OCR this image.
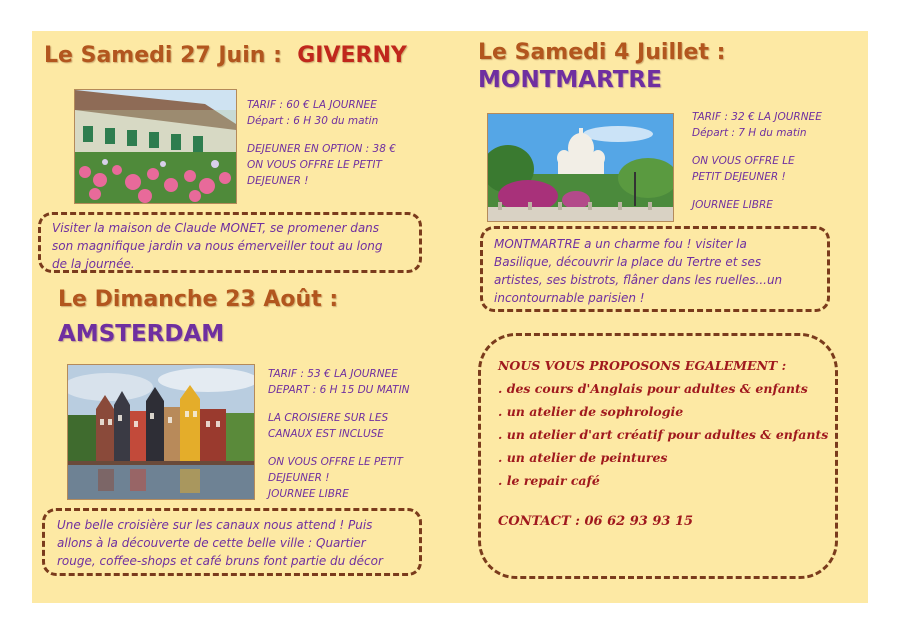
Le Samedi 27 Juin : GIVERNY
TARIF : 60 € LA JOURNEE
Départ : 6 H 30 du matin
DEJEUNER EN OPTION : 38 €
ON VOUS OFFRE LE PETIT
DEJEUNER !
Visiter la maison de Claude MONET, se promener dans
son magnifique jardin va nous émerveiller tout au long
de la journée.
Le Samedi 4 Juillet :
MONTMARTRE
TARIF : 32 € LA JOURNEE
Départ : 7 H du matin
ON VOUS OFFRE LE
PETIT DEJEUNER !
JOURNEE LIBRE
MONTMARTRE a un charme fou ! visiter la
Basilique, découvrir la place du Tertre et ses
artistes, ses bistrots, flâner dans les ruelles...un
incontournable parisien !
Le Dimanche 23 Août :
AMSTERDAM
TARIF : 53 € LA JOURNEE
DEPART : 6 H 15 DU MATIN
LA CROISIERE SUR LES
CANAUX EST INCLUSE
ON VOUS OFFRE LE PETIT
DEJEUNER !
JOURNEE LIBRE
Une belle croisière sur les canaux nous attend ! Puis
allons à la découverte de cette belle ville : Quartier
rouge, coffee-shops et café bruns font partie du décor
NOUS VOUS PROPOSONS EGALEMENT :
. des cours d'Anglais pour adultes & enfants
. un atelier de sophrologie
. un atelier d'art créatif pour adultes & enfants
. un atelier de peintures
. le repair café
CONTACT : 06 62 93 93 15
